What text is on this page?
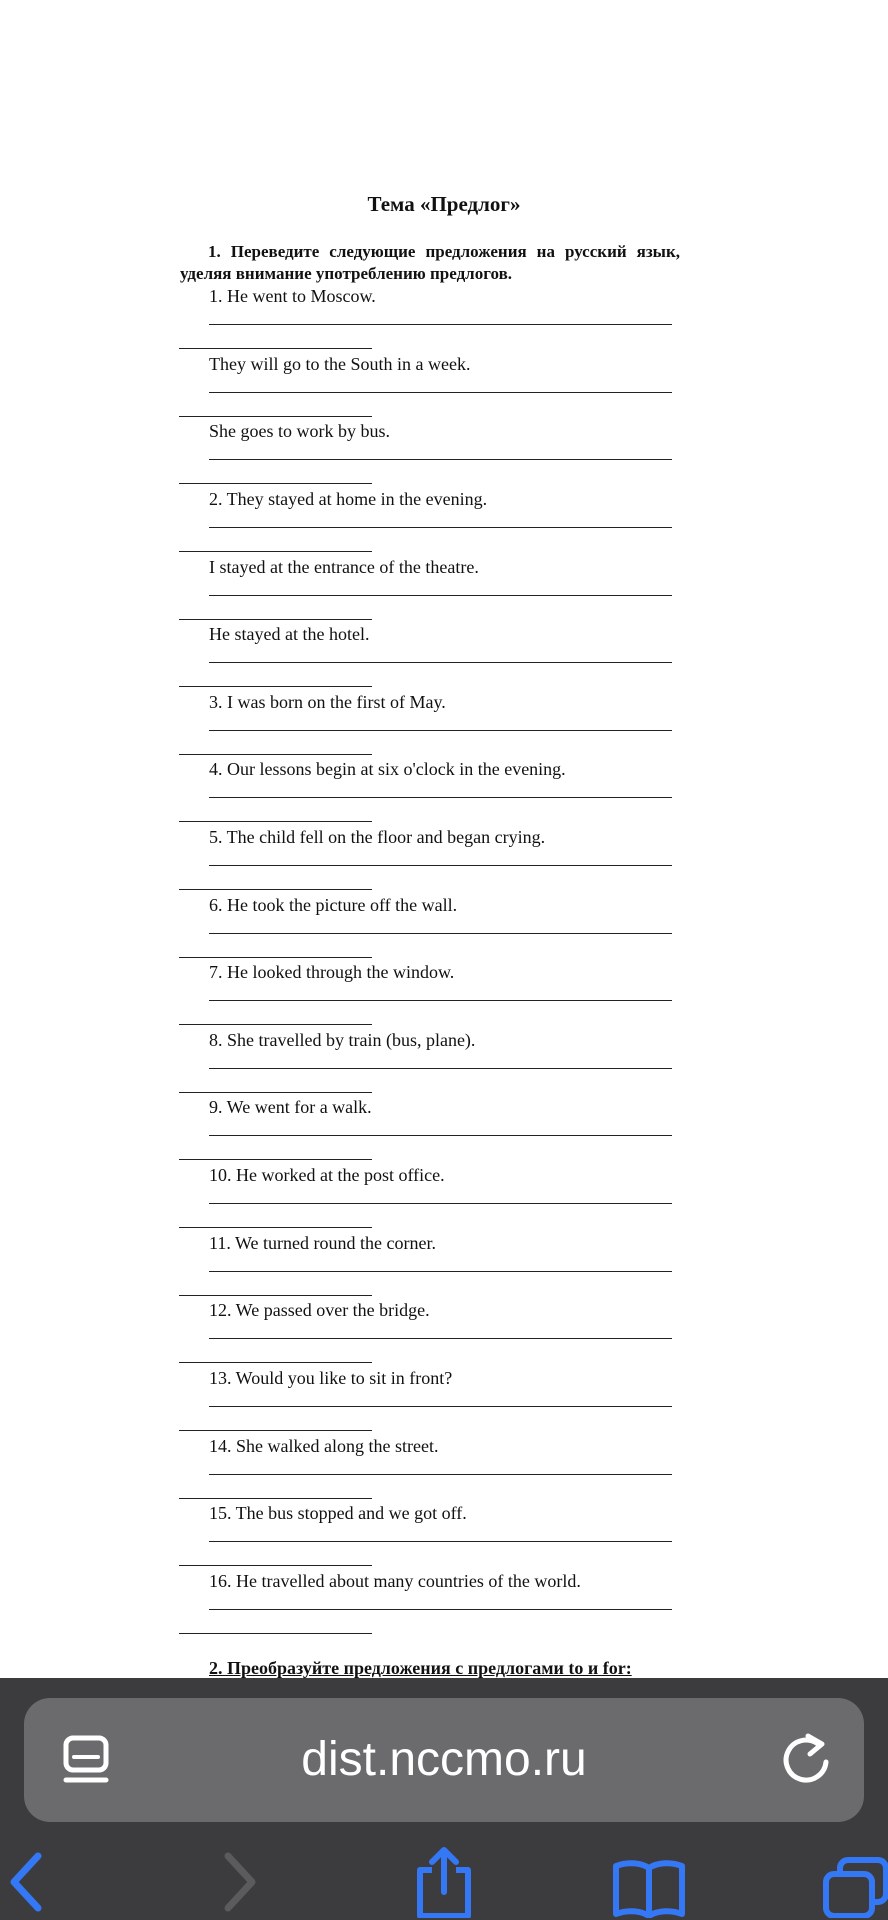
Тема «Предлог»
1. Переведите следующие предложения на русский язык, уделяя внимание употреблению предлогов.
1. He went to Moscow.
They will go to the South in a week.
She goes to work by bus.
2. They stayed at home in the evening.
I stayed at the entrance of the theatre.
He stayed at the hotel.
3. I was born on the first of May.
4. Our lessons begin at six o'clock in the evening.
5. The child fell on the floor and began crying.
6. He took the picture off the wall.
7. He looked through the window.
8. She travelled by train (bus, plane).
9. We went for a walk.
10. He worked at the post office.
11. We turned round the corner.
12. We passed over the bridge.
13. Would you like to sit in front?
14. She walked along the street.
15. The bus stopped and we got off.
16. He travelled about many countries of the world.
2. Преобразуйте предложения с предлогами to и for:
dist.nccmo.ru
